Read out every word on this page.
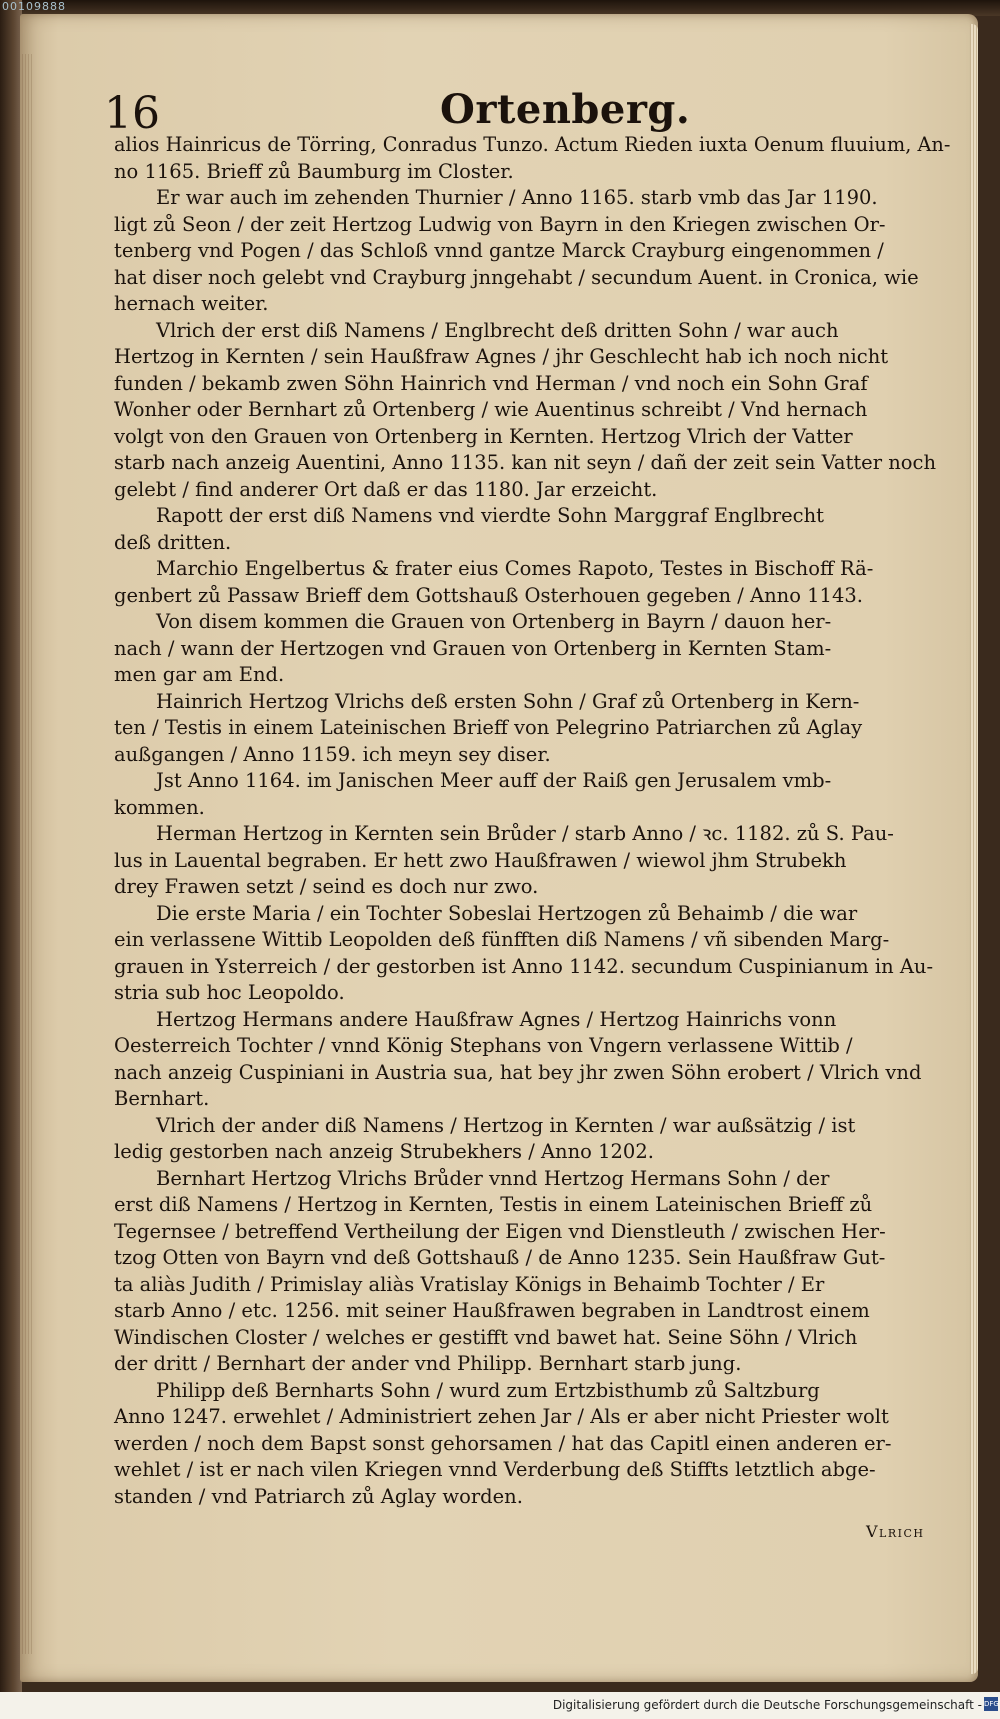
00109888
16	Ortenberg.
alios Hainricus de Törring, Conradus Tunzo. Actum Rieden iuxta Oenum fluuium, An-
no 1165. Brieff zů Baumburg im Closter.
Er war auch im zehenden Thurnier / Anno 1165. starb vmb das Jar 1190.
ligt zů Seon / der zeit Hertzog Ludwig von Bayrn in den Kriegen zwischen Or-
tenberg vnd Pogen / das Schloß vnnd gantze Marck Crayburg eingenommen /
hat diser noch gelebt vnd Crayburg jnngehabt / secundum Auent. in Cronica, wie
hernach weiter.
Vlrich der erst diß Namens / Englbrecht deß dritten Sohn / war auch
Hertzog in Kernten / sein Haußfraw Agnes / jhr Geschlecht hab ich noch nicht
funden / bekamb zwen Söhn Hainrich vnd Herman / vnd noch ein Sohn Graf
Wonher oder Bernhart zů Ortenberg / wie Auentinus schreibt / Vnd hernach
volgt von den Grauen von Ortenberg in Kernten. Hertzog Vlrich der Vatter
starb nach anzeig Auentini, Anno 1135. kan nit seyn / dañ der zeit sein Vatter noch
gelebt / find anderer Ort daß er das 1180. Jar erzeicht.
Rapott der erst diß Namens vnd vierdte Sohn Marggraf Englbrecht
deß dritten.
Marchio Engelbertus & frater eius Comes Rapoto, Testes in Bischoff Rä-
genbert zů Passaw Brieff dem Gottshauß Osterhouen gegeben / Anno 1143.
Von disem kommen die Grauen von Ortenberg in Bayrn / dauon her-
nach / wann der Hertzogen vnd Grauen von Ortenberg in Kernten Stam-
men gar am End.
Hainrich Hertzog Vlrichs deß ersten Sohn / Graf zů Ortenberg in Kern-
ten / Testis in einem Lateinischen Brieff von Pelegrino Patriarchen zů Aglay
außgangen / Anno 1159. ich meyn sey diser.
Jst Anno 1164. im Janischen Meer auff der Raiß gen Jerusalem vmb-
kommen.
Herman Hertzog in Kernten sein Brůder / starb Anno / ꝛc. 1182. zů S. Pau-
lus in Lauental begraben. Er hett zwo Haußfrawen / wiewol jhm Strubekh
drey Frawen setzt / seind es doch nur zwo.
Die erste Maria / ein Tochter Sobeslai Hertzogen zů Behaimb / die war
ein verlassene Wittib Leopolden deß fünfften diß Namens / vñ sibenden Marg-
grauen in Ysterreich / der gestorben ist Anno 1142. secundum Cuspinianum in Au-
stria sub hoc Leopoldo.
Hertzog Hermans andere Haußfraw Agnes / Hertzog Hainrichs vonn
Oesterreich Tochter / vnnd König Stephans von Vngern verlassene Wittib /
nach anzeig Cuspiniani in Austria sua, hat bey jhr zwen Söhn erobert / Vlrich vnd
Bernhart.
Vlrich der ander diß Namens / Hertzog in Kernten / war außsätzig / ist
ledig gestorben nach anzeig Strubekhers / Anno 1202.
Bernhart Hertzog Vlrichs Brůder vnnd Hertzog Hermans Sohn / der
erst diß Namens / Hertzog in Kernten, Testis in einem Lateinischen Brieff zů
Tegernsee / betreffend Vertheilung der Eigen vnd Dienstleuth / zwischen Her-
tzog Otten von Bayrn vnd deß Gottshauß / de Anno 1235. Sein Haußfraw Gut-
ta aliàs Judith / Primislay aliàs Vratislay Königs in Behaimb Tochter / Er
starb Anno / etc. 1256. mit seiner Haußfrawen begraben in Landtrost einem
Windischen Closter / welches er gestifft vnd bawet hat. Seine Söhn / Vlrich
der dritt / Bernhart der ander vnd Philipp. Bernhart starb jung.
Philipp deß Bernharts Sohn / wurd zum Ertzbisthumb zů Saltzburg
Anno 1247. erwehlet / Administriert zehen Jar / Als er aber nicht Priester wolt
werden / noch dem Bapst sonst gehorsamen / hat das Capitl einen anderen er-
wehlet / ist er nach vilen Kriegen vnnd Verderbung deß Stiffts letztlich abge-
standen / vnd Patriarch zů Aglay worden.
Vlrich
Digitalisierung gefördert durch die Deutsche Forschungsgemeinschaft - DFG
